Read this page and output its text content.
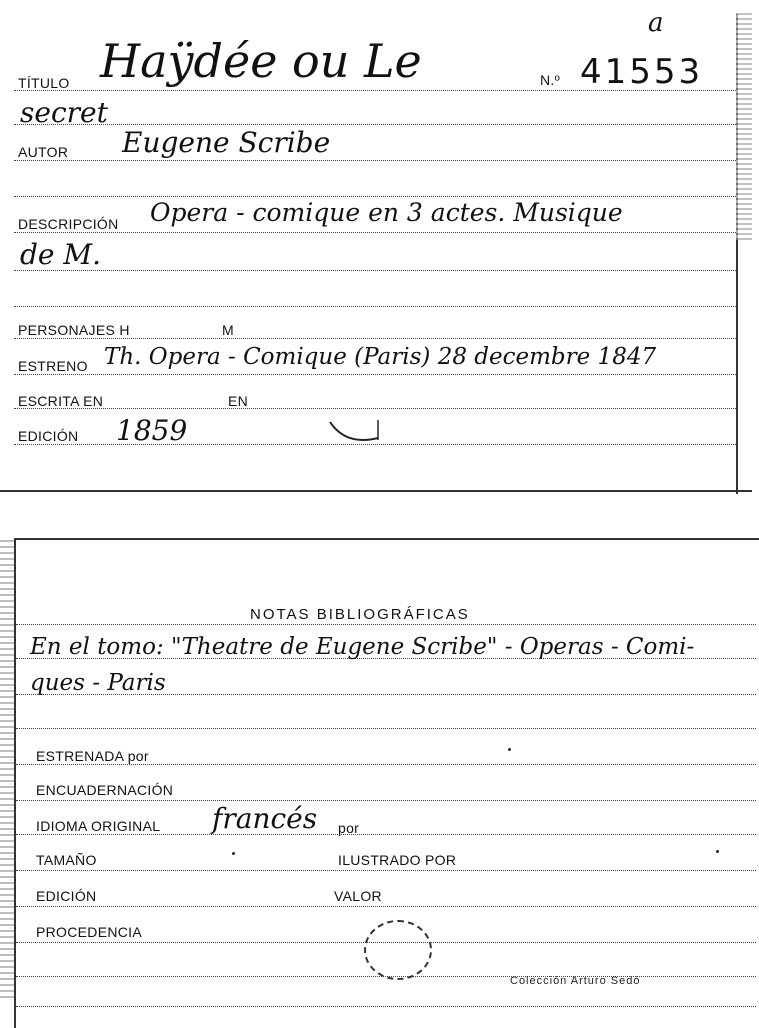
TÍTULO Haÿdée ou Le	N.º 41553
a
secret
AUTOR Eugene Scribe
DESCRIPCIÓN Opera - comique en 3 actes. Musique
de M.
PERSONAJES H	M
ESTRENO Th. Opera - Comique (Paris) 28 decembre 1847
ESCRITA EN	EN
EDICIÓN 1859
NOTAS BIBLIOGRÁFICAS
En el tomo: "Theatre de Eugene Scribe" - Operas - Comi-
ques - Paris
ESTRENADA por
ENCUADERNACIÓN
IDIOMA ORIGINAL francés por
TAMAÑO	ILUSTRADO POR
EDICIÓN	VALOR
PROCEDENCIA
Colección Arturo Sedó
